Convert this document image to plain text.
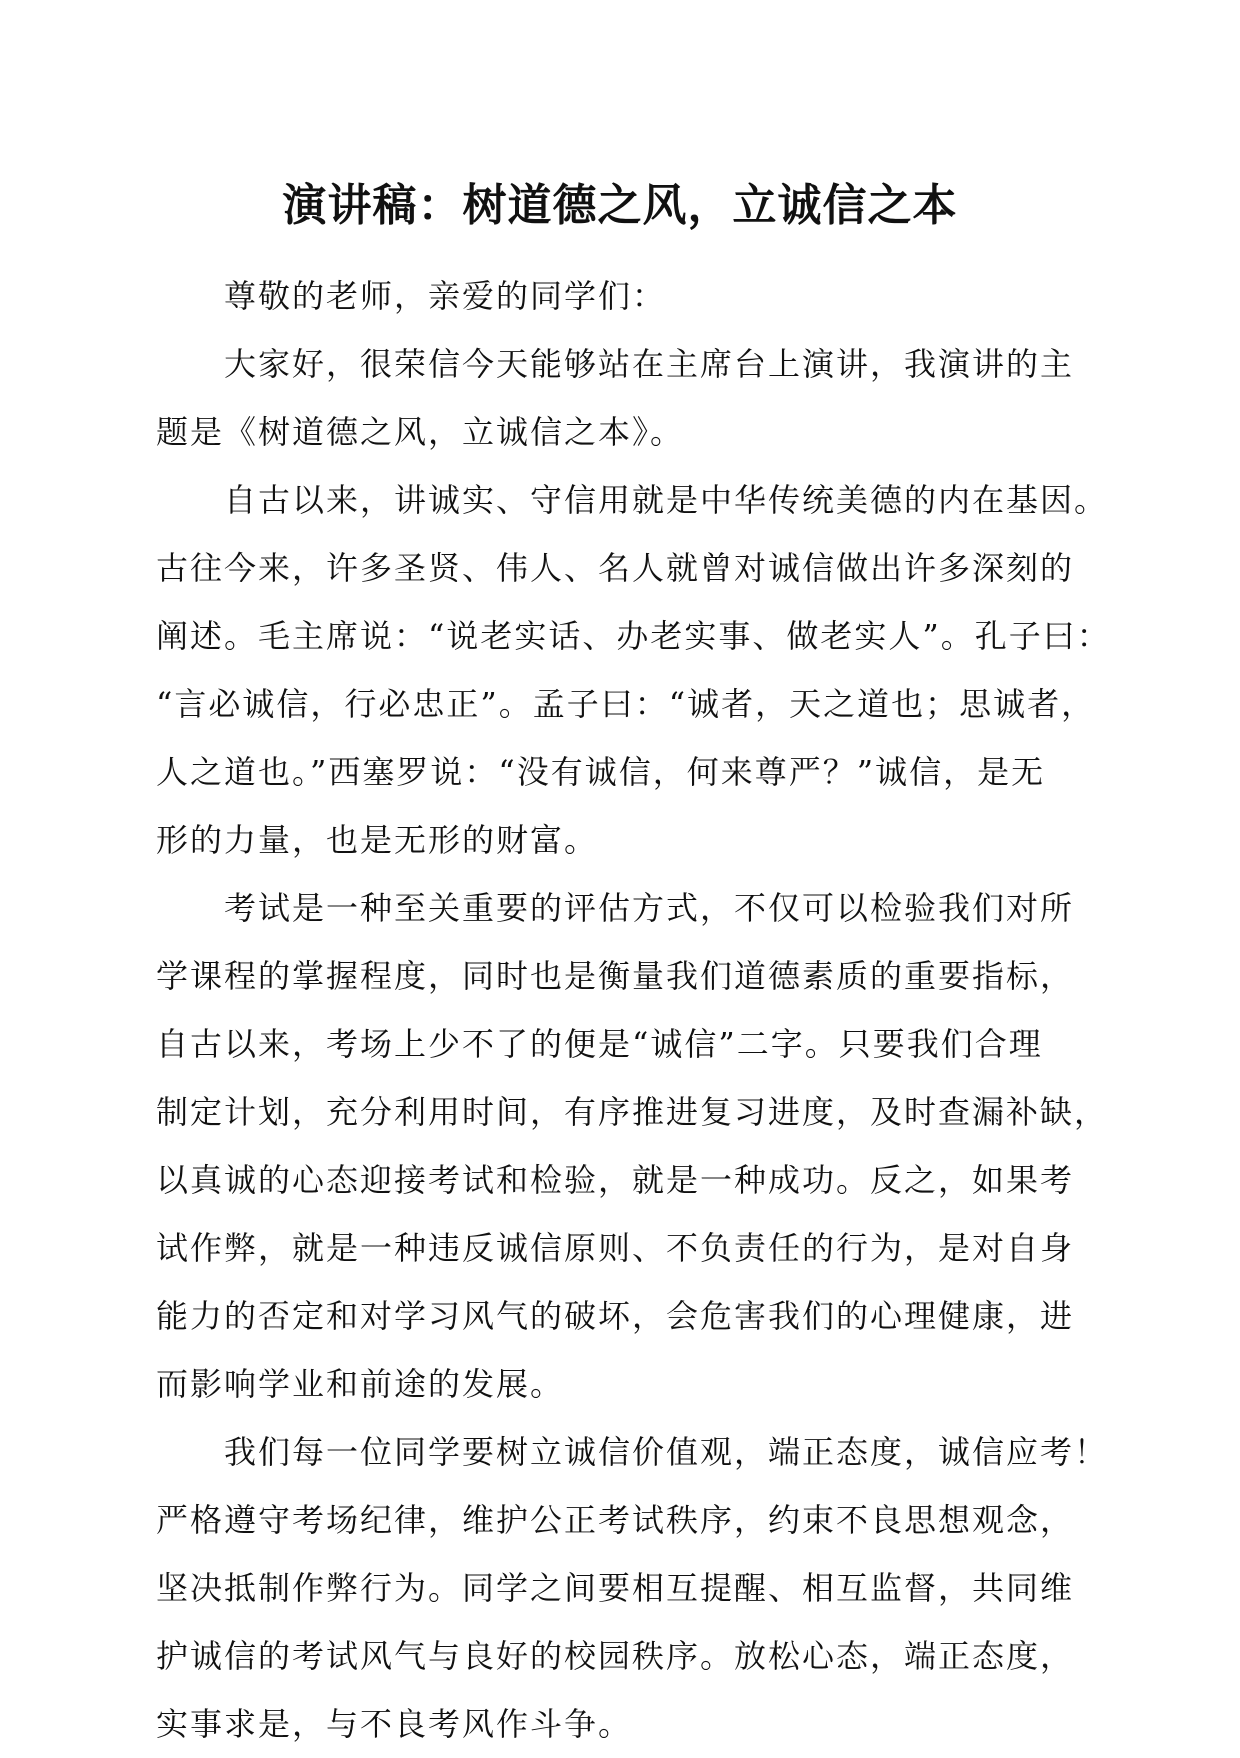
演讲稿：树道德之风，立诚信之本
尊敬的老师，亲爱的同学们：
大家好，很荣信今天能够站在主席台上演讲，我演讲的主
题是《树道德之风，立诚信之本》。
自古以来，讲诚实、守信用就是中华传统美德的内在基因。
古往今来，许多圣贤、伟人、名人就曾对诚信做出许多深刻的
阐述。毛主席说：“说老实话、办老实事、做老实人”。孔子曰：
“言必诚信，行必忠正”。孟子曰：“诚者，天之道也；思诚者，
人之道也。”西塞罗说：“没有诚信，何来尊严？”诚信，是无
形的力量，也是无形的财富。
考试是一种至关重要的评估方式，不仅可以检验我们对所
学课程的掌握程度，同时也是衡量我们道德素质的重要指标，
自古以来，考场上少不了的便是“诚信”二字。只要我们合理
制定计划，充分利用时间，有序推进复习进度，及时查漏补缺，
以真诚的心态迎接考试和检验，就是一种成功。反之，如果考
试作弊，就是一种违反诚信原则、不负责任的行为，是对自身
能力的否定和对学习风气的破坏，会危害我们的心理健康，进
而影响学业和前途的发展。
我们每一位同学要树立诚信价值观，端正态度，诚信应考！
严格遵守考场纪律，维护公正考试秩序，约束不良思想观念，
坚决抵制作弊行为。同学之间要相互提醒、相互监督，共同维
护诚信的考试风气与良好的校园秩序。放松心态，端正态度，
实事求是，与不良考风作斗争。
